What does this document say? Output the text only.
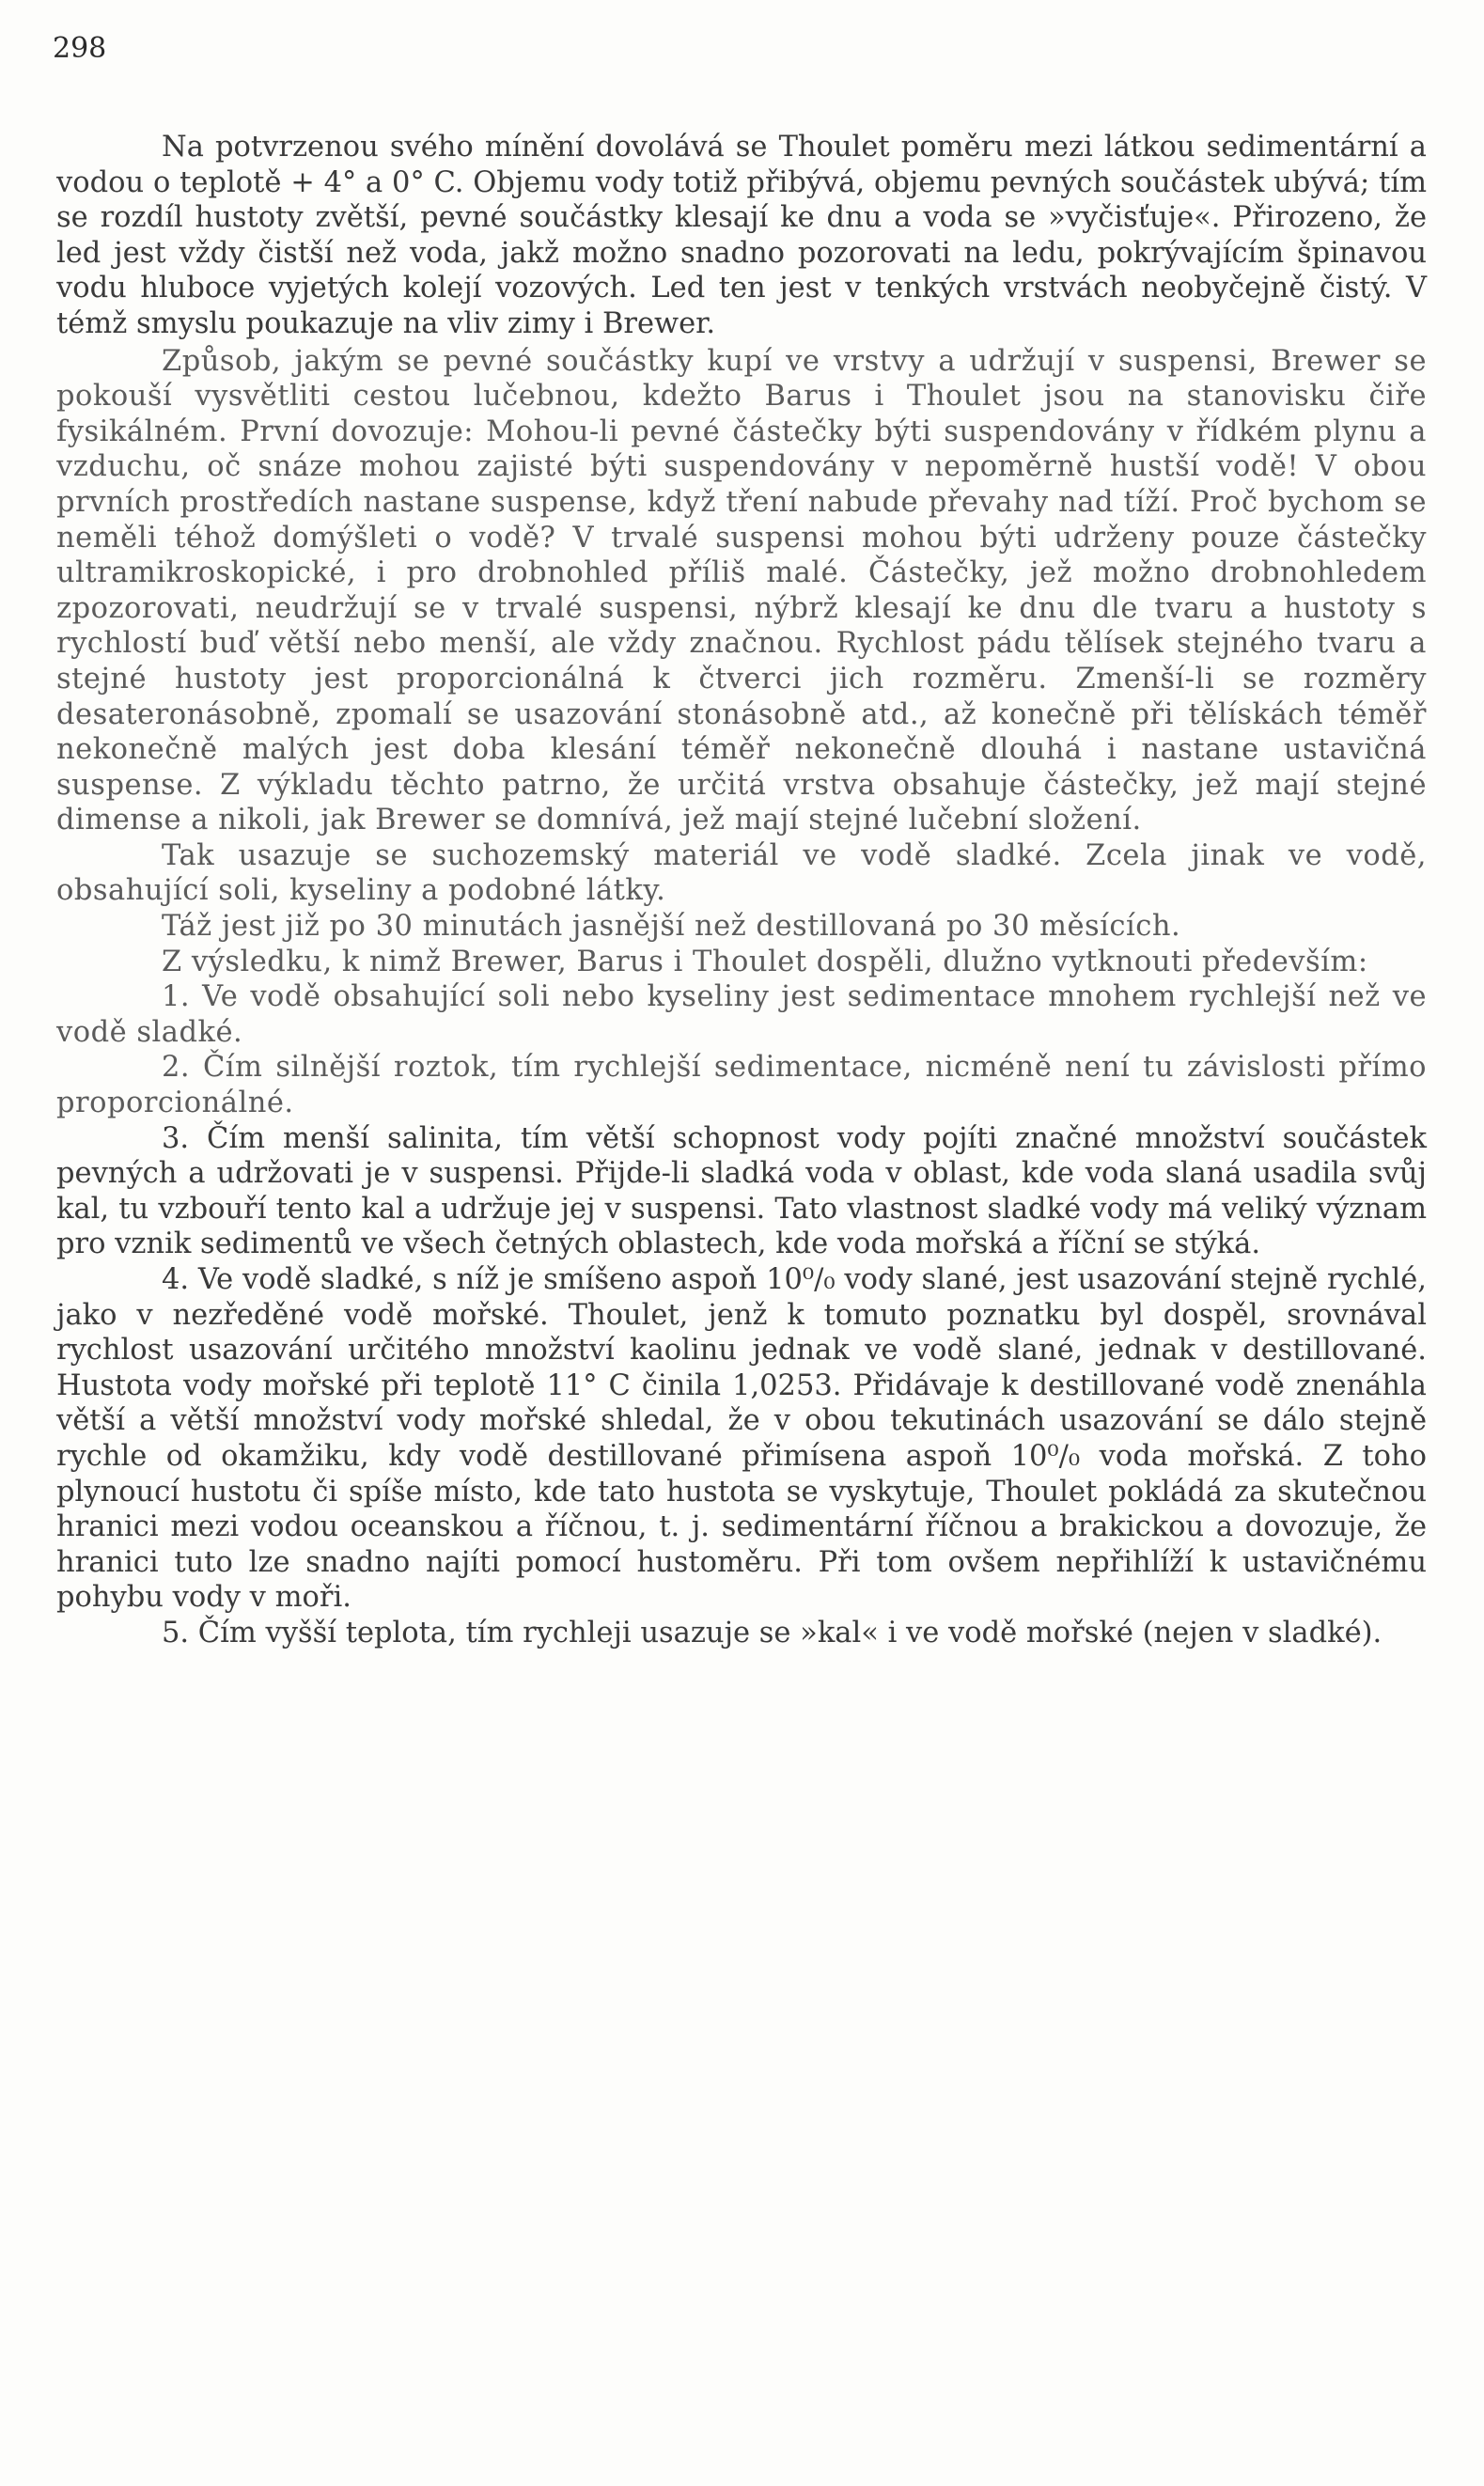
298

Na potvrzenou svého mínění dovolává se Thoulet poměru mezi látkou sedimentární a vodou o teplotě + 4° a 0° C. Objemu vody totiž přibývá, objemu pevných součástek ubývá; tím se rozdíl hustoty zvětší, pevné součástky klesají ke dnu a voda se »vyčisťuje«. Přirozeno, že led jest vždy čistší než voda, jakž možno snadno pozorovati na ledu, pokrývajícím špinavou vodu hluboce vyjetých kolejí vozových. Led ten jest v tenkých vrstvách neobyčejně čistý. V témž smyslu poukazuje na vliv zimy i Brewer.

Způsob, jakým se pevné součástky kupí ve vrstvy a udržují v suspensi, Brewer se pokouší vysvětliti cestou lučebnou, kdežto Barus i Thoulet jsou na stanovisku čiře fysikálném. První dovozuje: Mohou-li pevné částečky býti suspendovány v řídkém plynu a vzduchu, oč snáze mohou zajisté býti suspendovány v nepoměrně hustší vodě! V obou prvních prostředích nastane suspense, když tření nabude převahy nad tíží. Proč bychom se neměli téhož domýšleti o vodě? V trvalé suspensi mohou býti udrženy pouze částečky ultramikroskopické, i pro drobnohled příliš malé. Částečky, jež možno drobnohledem zpozorovati, neudržují se v trvalé suspensi, nýbrž klesají ke dnu dle tvaru a hustoty s rychlostí buď větší nebo menší, ale vždy značnou. Rychlost pádu tělísek stejného tvaru a stejné hustoty jest proporcionálná k čtverci jich rozměru. Zmenší-li se rozměry desateronásobně, zpomalí se usazování stonásobně atd., až konečně při tělískách téměř nekonečně malých jest doba klesání téměř nekonečně dlouhá i nastane ustavičná suspense. Z výkladu těchto patrno, že určitá vrstva obsahuje částečky, jež mají stejné dimense a nikoli, jak Brewer se domnívá, jež mají stejné lučební složení.

Tak usazuje se suchozemský materiál ve vodě sladké. Zcela jinak ve vodě, obsahující soli, kyseliny a podobné látky.

Táž jest již po 30 minutách jasnější než destillovaná po 30 měsících.

Z výsledku, k nimž Brewer, Barus i Thoulet dospěli, dlužno vytknouti především:

1. Ve vodě obsahující soli nebo kyseliny jest sedimentace mnohem rychlejší než ve vodě sladké.

2. Čím silnější roztok, tím rychlejší sedimentace, nicméně není tu závislosti přímo proporcionálné.

3. Čím menší salinita, tím větší schopnost vody pojíti značné množství součástek pevných a udržovati je v suspensi. Přijde-li sladká voda v oblast, kde voda slaná usadila svůj kal, tu vzbouří tento kal a udržuje jej v suspensi. Tato vlastnost sladké vody má veliký význam pro vznik sedimentů ve všech četných oblastech, kde voda mořská a říční se stýká.

4. Ve vodě sladké, s níž je smíšeno aspoň 10⁰/₀ vody slané, jest usazování stejně rychlé, jako v nezředěné vodě mořské. Thoulet, jenž k tomuto poznatku byl dospěl, srovnával rychlost usazování určitého množství kaolinu jednak ve vodě slané, jednak v destillované. Hustota vody mořské při teplotě 11° C činila 1,0253. Přidávaje k destillované vodě znenáhla větší a větší množství vody mořské shledal, že v obou tekutinách usazování se dálo stejně rychle od okamžiku, kdy vodě destillované přimísena aspoň 10⁰/₀ voda mořská. Z toho plynoucí hustotu či spíše místo, kde tato hustota se vyskytuje, Thoulet pokládá za skutečnou hranici mezi vodou oceanskou a říčnou, t. j. sedimentární říčnou a brakickou a dovozuje, že hranici tuto lze snadno najíti pomocí hustoměru. Při tom ovšem nepřihlíží k ustavičnému pohybu vody v moři.

5. Čím vyšší teplota, tím rychleji usazuje se »kal« i ve vodě mořské (nejen v sladké).
